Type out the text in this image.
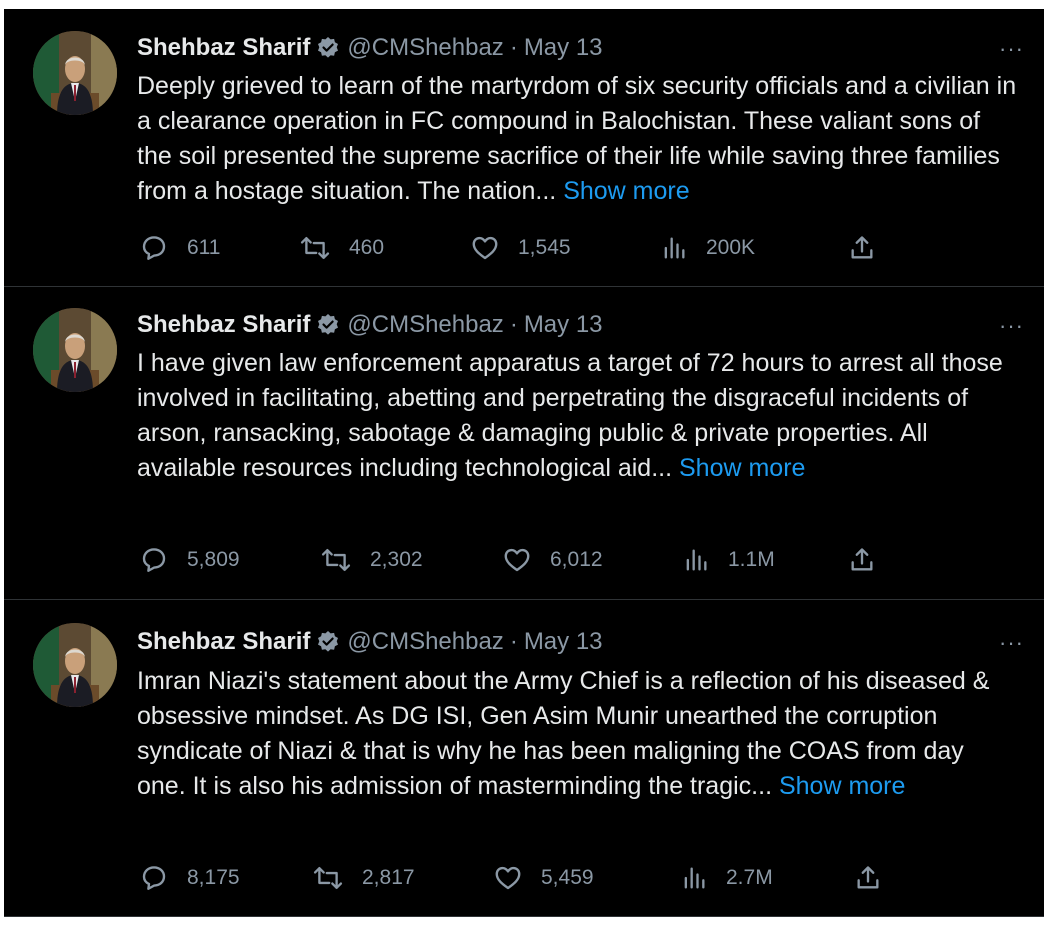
Shehbaz Sharif @CMShehbaz · May 13	···
Deeply grieved to learn of the martyrdom of six security officials and a civilian in a clearance operation in FC compound in Balochistan. These valiant sons of the soil presented the supreme sacrifice of their life while saving three families from a hostage situation. The nation... Show more
611	460	1,545	200K
Shehbaz Sharif @CMShehbaz · May 13	···
I have given law enforcement apparatus a target of 72 hours to arrest all those involved in facilitating, abetting and perpetrating the disgraceful incidents of arson, ransacking, sabotage & damaging public & private properties. All available resources including technological aid... Show more
5,809	2,302	6,012	1.1M
Shehbaz Sharif @CMShehbaz · May 13	···
Imran Niazi's statement about the Army Chief is a reflection of his diseased & obsessive mindset. As DG ISI, Gen Asim Munir unearthed the corruption syndicate of Niazi & that is why he has been maligning the COAS from day one. It is also his admission of masterminding the tragic... Show more
8,175	2,817	5,459	2.7M
